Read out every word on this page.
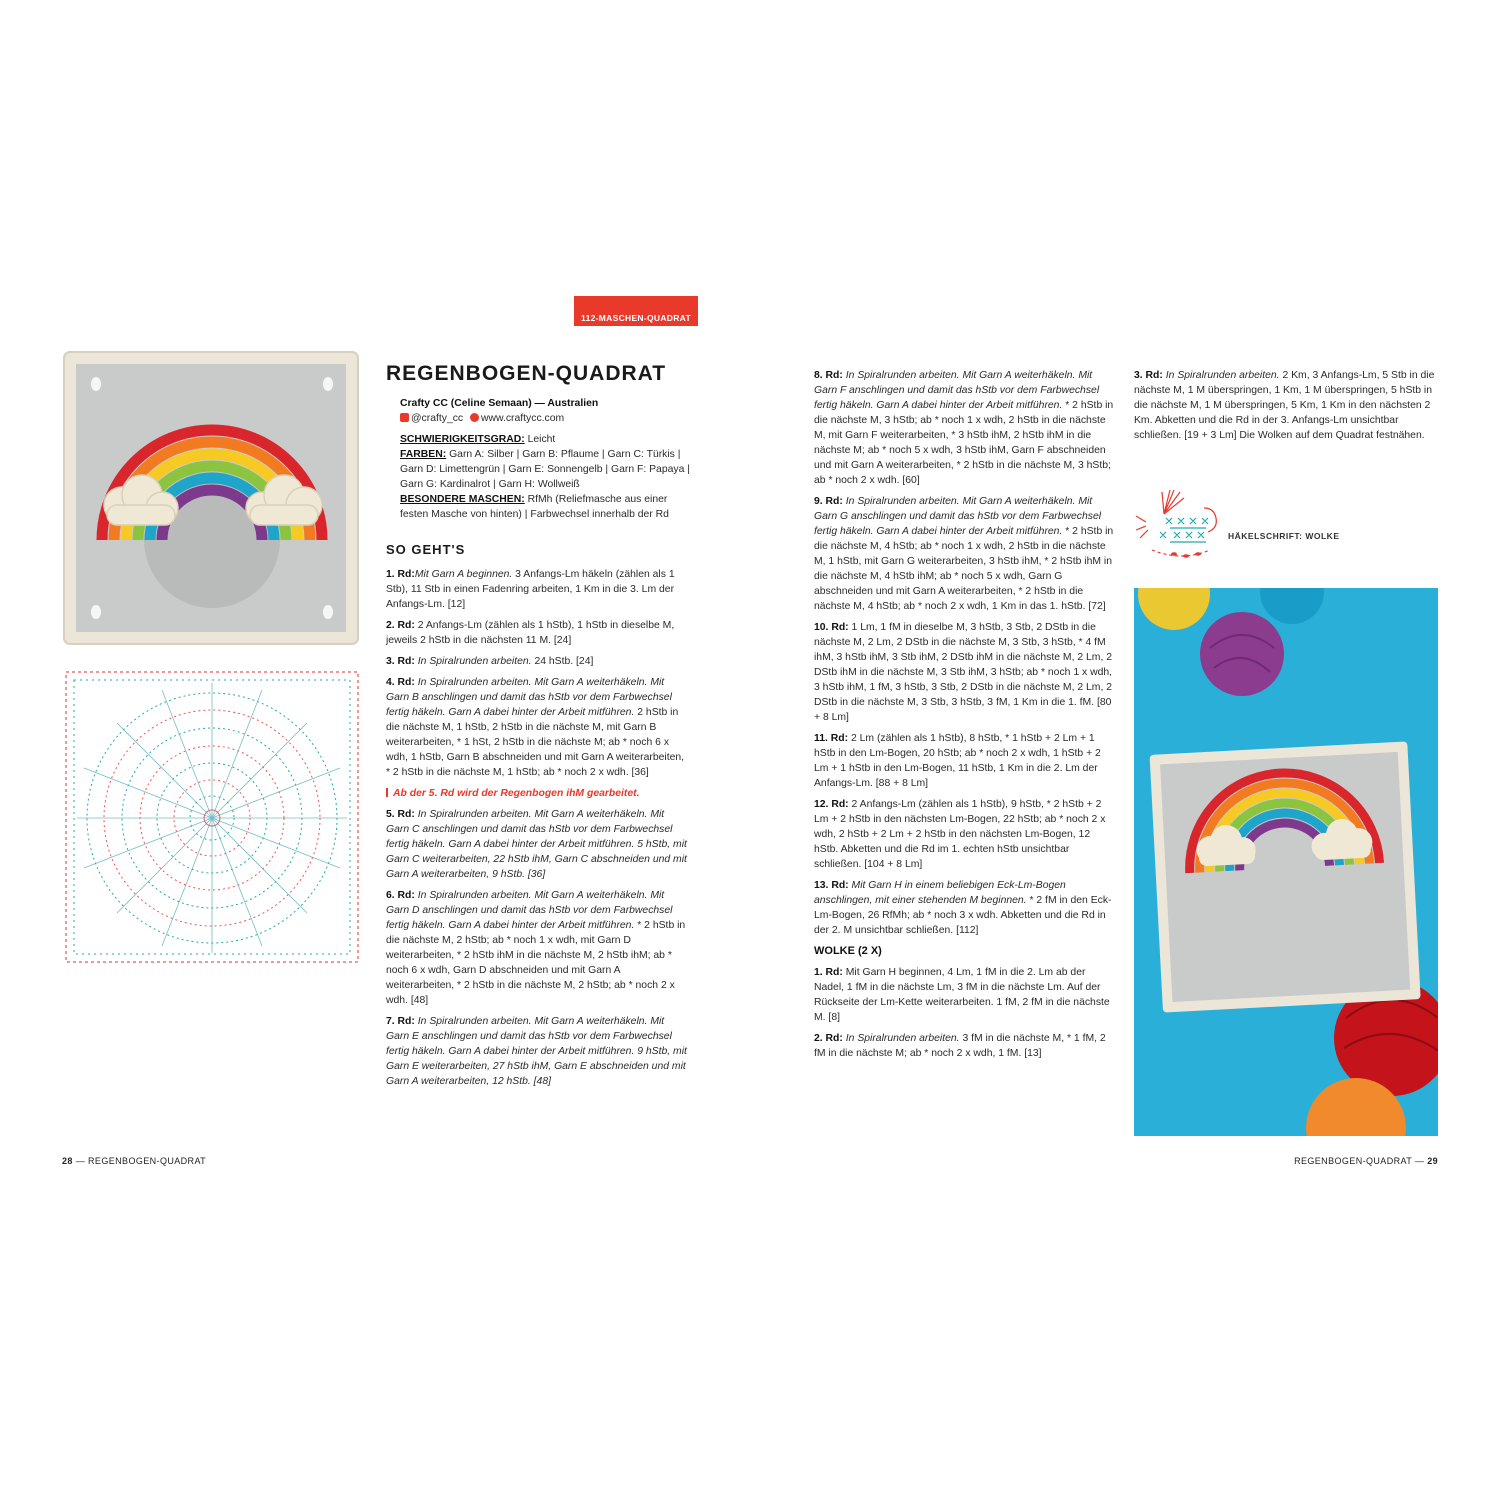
112-MASCHEN-QUADRAT
REGENBOGEN-QUADRAT
Crafty CC (Celine Semaan) — Australien
@crafty_cc www.craftycc.com
SCHWIERIGKEITSGRAD: Leicht
FARBEN: Garn A: Silber | Garn B: Pflaume | Garn C: Türkis | Garn D: Limettengrün | Garn E: Sonnengelb | Garn F: Papaya | Garn G: Kardinalrot | Garn H: Wollweiß
BESONDERE MASCHEN: RfMh (Reliefmasche aus einer festen Masche von hinten) | Farbwechsel innerhalb der Rd
SO GEHT'S

1. Rd:Mit Garn A beginnen. 3 Anfangs-Lm häkeln (zählen als 1 Stb), 11 Stb in einen Fadenring arbeiten, 1 Km in die 3. Lm der Anfangs-Lm. [12]

2. Rd: 2 Anfangs-Lm (zählen als 1 hStb), 1 hStb in dieselbe M, jeweils 2 hStb in die nächsten 11 M. [24]

3. Rd: In Spiralrunden arbeiten. 24 hStb. [24]

4. Rd: In Spiralrunden arbeiten. Mit Garn A weiterhäkeln. Mit Garn B anschlingen und damit das hStb vor dem Farbwechsel fertig häkeln. Garn A dabei hinter der Arbeit mitführen. 2 hStb in die nächste M, 1 hStb, 2 hStb in die nächste M, mit Garn B weiterarbeiten, * 1 hSt, 2 hStb in die nächste M; ab * noch 6 x wdh, 1 hStb, Garn B abschneiden und mit Garn A weiterarbeiten, * 2 hStb in die nächste M, 1 hStb; ab * noch 2 x wdh. [36]

Ab der 5. Rd wird der Regenbogen ihM gearbeitet.

5. Rd: In Spiralrunden arbeiten. Mit Garn A weiterhäkeln. Mit Garn C anschlingen und damit das hStb vor dem Farbwechsel fertig häkeln. Garn A dabei hinter der Arbeit mitführen. 5 hStb, mit Garn C weiterarbeiten, 22 hStb ihM, Garn C abschneiden und mit Garn A weiterarbeiten, 9 hStb. [36]

6. Rd: In Spiralrunden arbeiten. Mit Garn A weiterhäkeln. Mit Garn D anschlingen und damit das hStb vor dem Farbwechsel fertig häkeln. Garn A dabei hinter der Arbeit mitführen. * 2 hStb in die nächste M, 2 hStb; ab * noch 1 x wdh, mit Garn D weiterarbeiten, * 2 hStb ihM in die nächste M, 2 hStb ihM; ab * noch 6 x wdh, Garn D abschneiden und mit Garn A weiterarbeiten, * 2 hStb in die nächste M, 2 hStb; ab * noch 2 x wdh. [48]

7. Rd: In Spiralrunden arbeiten. Mit Garn A weiterhäkeln. Mit Garn E anschlingen und damit das hStb vor dem Farbwechsel fertig häkeln. Garn A dabei hinter der Arbeit mitführen. 9 hStb, mit Garn E weiterarbeiten, 27 hStb ihM, Garn E abschneiden und mit Garn A weiterarbeiten, 12 hStb. [48]

8. Rd: In Spiralrunden arbeiten. Mit Garn A weiterhäkeln. Mit Garn F anschlingen und damit das hStb vor dem Farbwechsel fertig häkeln. Garn A dabei hinter der Arbeit mitführen. * 2 hStb in die nächste M, 3 hStb; ab * noch 1 x wdh, 2 hStb in die nächste M, mit Garn F weiterarbeiten, * 3 hStb ihM, 2 hStb ihM in die nächste M; ab * noch 5 x wdh, 3 hStb ihM, Garn F abschneiden und mit Garn A weiterarbeiten, * 2 hStb in die nächste M, 3 hStb; ab * noch 2 x wdh. [60]

9. Rd: In Spiralrunden arbeiten. Mit Garn A weiterhäkeln. Mit Garn G anschlingen und damit das hStb vor dem Farbwechsel fertig häkeln. Garn A dabei hinter der Arbeit mitführen. * 2 hStb in die nächste M, 4 hStb; ab * noch 1 x wdh, 2 hStb in die nächste M, 1 hStb, mit Garn G weiterarbeiten, 3 hStb ihM, * 2 hStb ihM in die nächste M, 4 hStb ihM; ab * noch 5 x wdh, Garn G abschneiden und mit Garn A weiterarbeiten, * 2 hStb in die nächste M, 4 hStb; ab * noch 2 x wdh, 1 Km in das 1. hStb. [72]

10. Rd: 1 Lm, 1 fM in dieselbe M, 3 hStb, 3 Stb, 2 DStb in die nächste M, 2 Lm, 2 DStb in die nächste M, 3 Stb, 3 hStb, * 4 fM ihM, 3 hStb ihM, 3 Stb ihM, 2 DStb ihM in die nächste M, 2 Lm, 2 DStb ihM in die nächste M, 3 Stb ihM, 3 hStb; ab * noch 1 x wdh, 3 hStb ihM, 1 fM, 3 hStb, 3 Stb, 2 DStb in die nächste M, 2 Lm, 2 DStb in die nächste M, 3 Stb, 3 hStb, 3 fM, 1 Km in die 1. fM. [80 + 8 Lm]

11. Rd: 2 Lm (zählen als 1 hStb), 8 hStb, * 1 hStb + 2 Lm + 1 hStb in den Lm-Bogen, 20 hStb; ab * noch 2 x wdh, 1 hStb + 2 Lm + 1 hStb in den Lm-Bogen, 11 hStb, 1 Km in die 2. Lm der Anfangs-Lm. [88 + 8 Lm]

12. Rd: 2 Anfangs-Lm (zählen als 1 hStb), 9 hStb, * 2 hStb + 2 Lm + 2 hStb in den nächsten Lm-Bogen, 22 hStb; ab * noch 2 x wdh, 2 hStb + 2 Lm + 2 hStb in den nächsten Lm-Bogen, 12 hStb. Abketten und die Rd im 1. echten hStb unsichtbar schließen. [104 + 8 Lm]

13. Rd: Mit Garn H in einem beliebigen Eck-Lm-Bogen anschlingen, mit einer stehenden M beginnen. * 2 fM in den Eck-Lm-Bogen, 26 RfMh; ab * noch 3 x wdh. Abketten und die Rd in der 2. M unsichtbar schließen. [112]

WOLKE (2 X)

1. Rd: Mit Garn H beginnen, 4 Lm, 1 fM in die 2. Lm ab der Nadel, 1 fM in die nächste Lm, 3 fM in die nächste Lm. Auf der Rückseite der Lm-Kette weiterarbeiten. 1 fM, 2 fM in die nächste M. [8]

2. Rd: In Spiralrunden arbeiten. 3 fM in die nächste M, * 1 fM, 2 fM in die nächste M; ab * noch 2 x wdh, 1 fM. [13]

3. Rd: In Spiralrunden arbeiten. 2 Km, 3 Anfangs-Lm, 5 Stb in die nächste M, 1 M überspringen, 1 Km, 1 M überspringen, 5 hStb in die nächste M, 1 M überspringen, 5 Km, 1 Km in den nächsten 2 Km. Abketten und die Rd in der 3. Anfangs-Lm unsichtbar schließen. [19 + 3 Lm] Die Wolken auf dem Quadrat festnähen.

HÄKELSCHRIFT: WOLKE
28 — REGENBOGEN-QUADRAT	REGENBOGEN-QUADRAT — 29
